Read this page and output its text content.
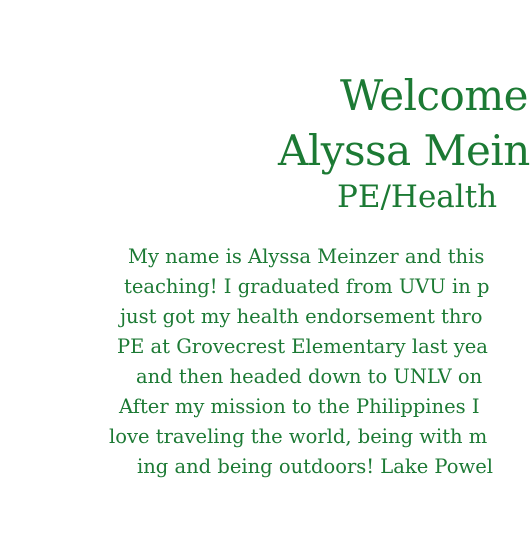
Welcome
Alyssa Mein
PE/Health
My name is Alyssa Meinzer and this
teaching! I graduated from UVU in p
just got my health endorsement thro
PE at Grovecrest Elementary last yea
and then headed down to UNLV on
After my mission to the Philippines I
love traveling the world, being with m
ing and being outdoors! Lake Powel
